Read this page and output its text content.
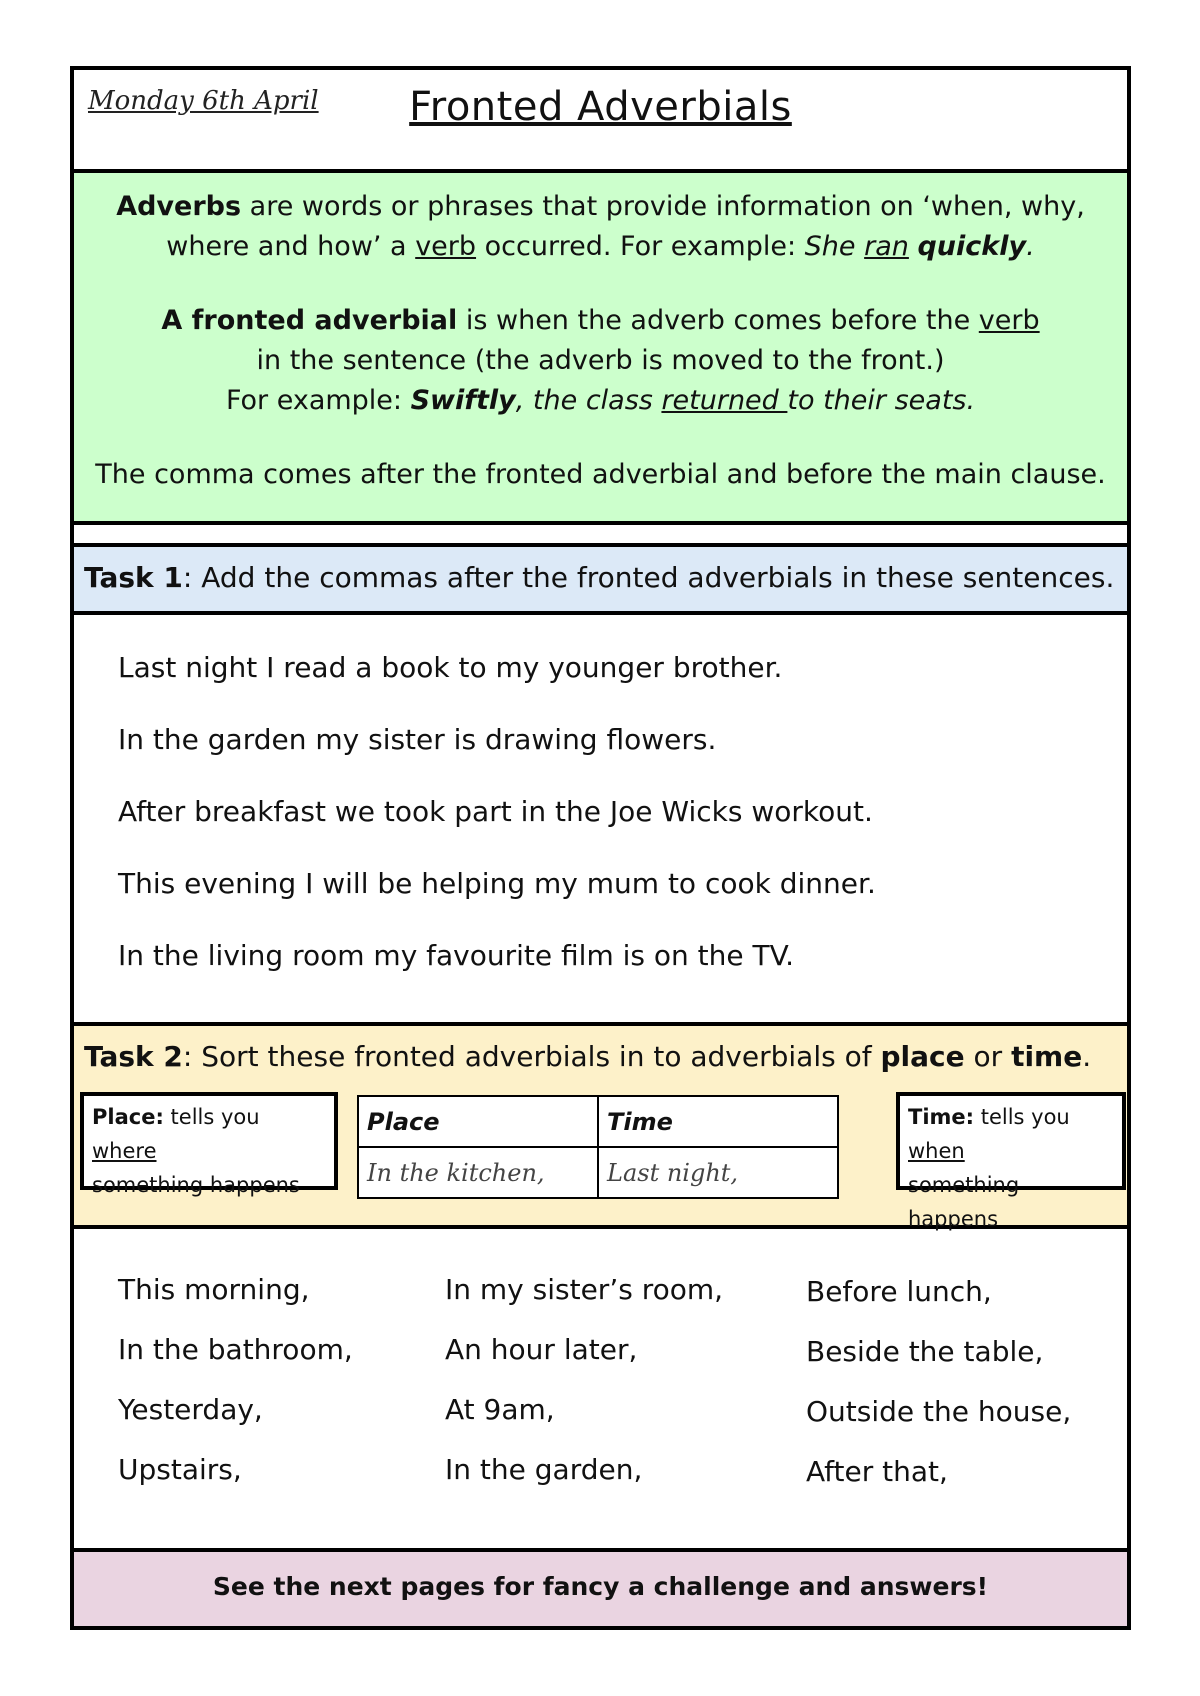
Monday 6th April	Fronted Adverbials

Adverbs are words or phrases that provide information on ‘when, why,

where and how’ a verb occurred. For example: She ran quickly.

A fronted adverbial is when the adverb comes before the verb

in the sentence (the adverb is moved to the front.)

For example: Swiftly, the class returned to their seats.

The comma comes after the fronted adverbial and before the main clause.

Task 1: Add the commas after the fronted adverbials in these sentences.
Last night I read a book to my younger brother.
In the garden my sister is drawing flowers.
After breakfast we took part in the Joe Wicks workout.
This evening I will be helping my mum to cook dinner.
In the living room my favourite film is on the TV.
Task 2: Sort these fronted adverbials in to adverbials of place or time.
Place: tells you where
something happens
Place	Time
In the kitchen,	Last night,
Time: tells you when
something happens
This morning,
In the bathroom,
Yesterday,
Upstairs,
In my sister’s room,
An hour later,
At 9am,
In the garden,
Before lunch,
Beside the table,
Outside the house,
After that,
See the next pages for fancy a challenge and answers!
